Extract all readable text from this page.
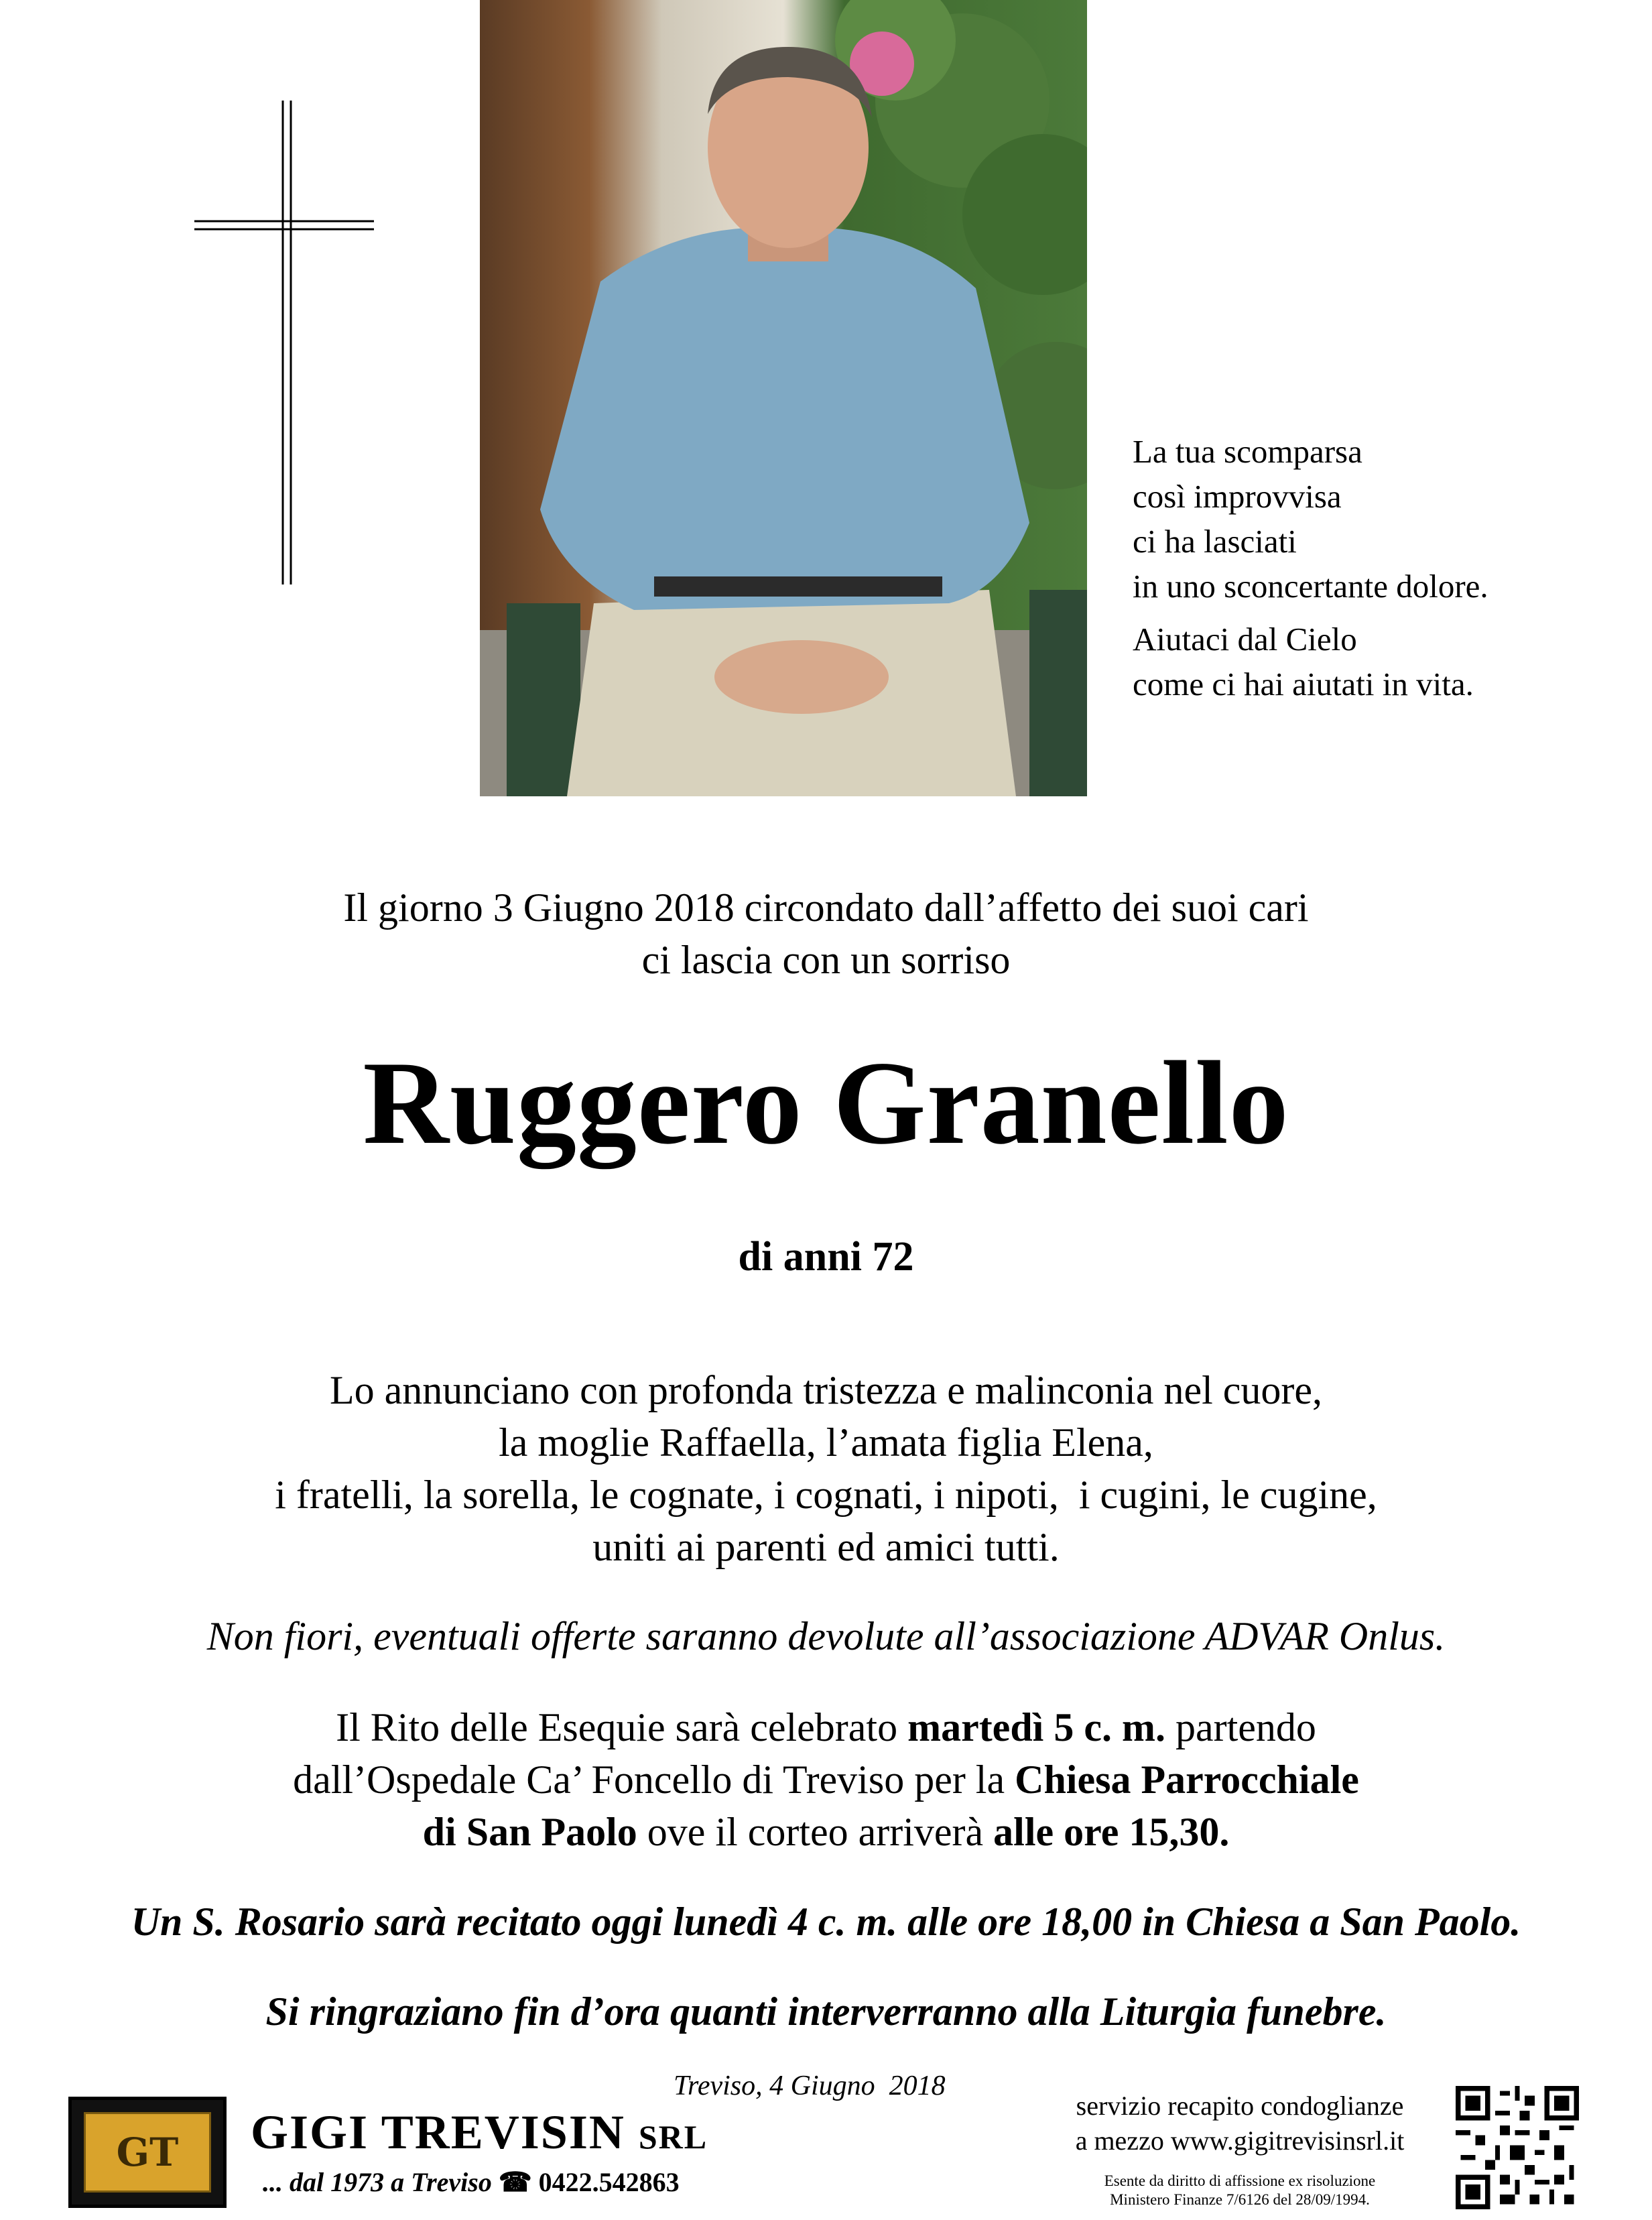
La tua scomparsa
così improvvisa
ci ha lasciati
in uno sconcertante dolore.
Aiutaci dal Cielo
come ci hai aiutati in vita.
Il giorno 3 Giugno 2018 circondato dall’affetto dei suoi cari
ci lascia con un sorriso
Ruggero Granello
di anni 72
Lo annunciano con profonda tristezza e malinconia nel cuore,
la moglie Raffaella, l’amata figlia Elena,
i fratelli, la sorella, le cognate, i cognati, i nipoti,  i cugini, le cugine,
uniti ai parenti ed amici tutti.
Non fiori, eventuali offerte saranno devolute all’associazione ADVAR Onlus.
Il Rito delle Esequie sarà celebrato martedì 5 c. m. partendo
dall’Ospedale Ca’ Foncello di Treviso per la Chiesa Parrocchiale
di San Paolo ove il corteo arriverà alle ore 15,30.
Un S. Rosario sarà recitato oggi lunedì 4 c. m. alle ore 18,00 in Chiesa a San Paolo.
Si ringraziano fin d’ora quanti interverranno alla Liturgia funebre.
Treviso, 4 Giugno  2018
GT	GIGI TREVISIN SRL
... dal 1973 a Treviso ☎ 0422.542863
servizio recapito condoglianze
a mezzo www.gigitrevisinsrl.it
Esente da diritto di affissione ex risoluzione
Ministero Finanze 7/6126 del 28/09/1994.
